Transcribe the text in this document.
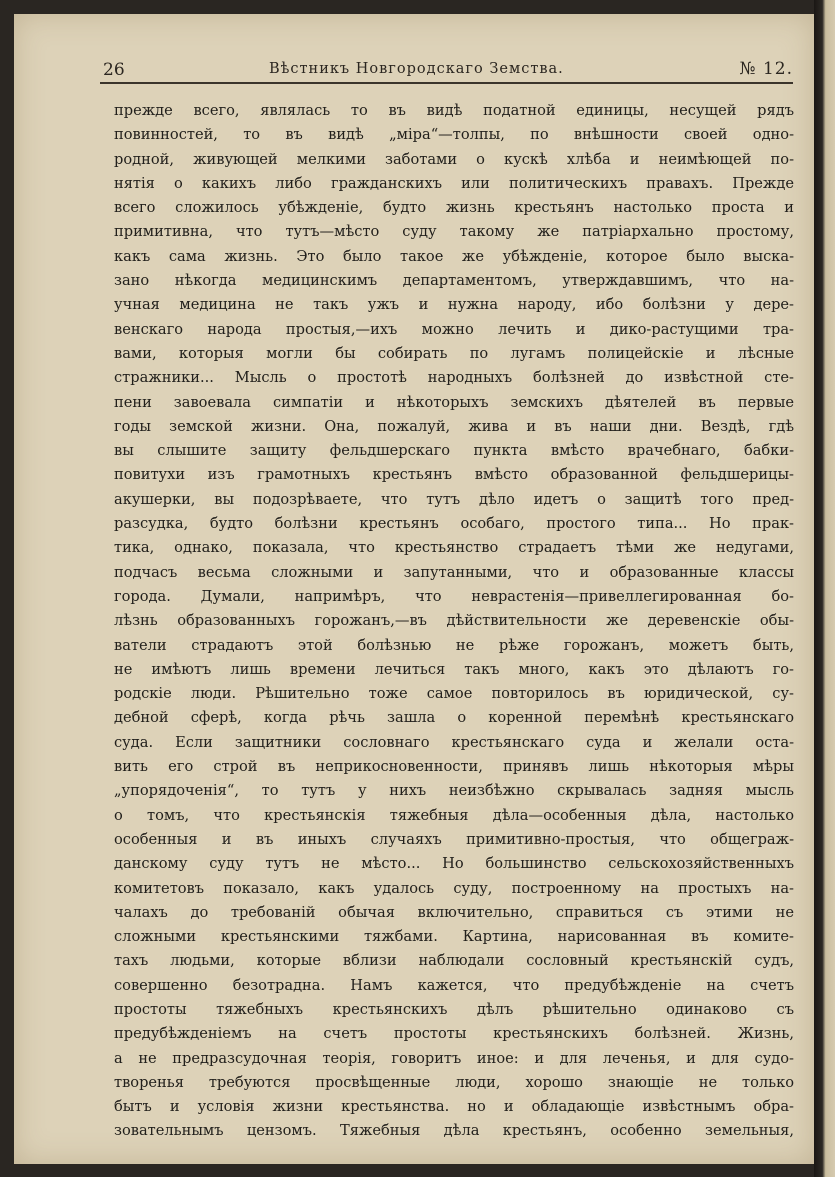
26	Вѣстникъ Новгородскаго Земства.	№ 12.
прежде всего, являлась то въ видѣ податной единицы, несущей рядъ
повинностей, то въ видѣ „міра“—толпы, по внѣшности своей одно-
родной, живующей мелкими заботами о кускѣ хлѣба и неимѣющей по-
нятія о какихъ либо гражданскихъ или политическихъ правахъ. Прежде
всего сложилось убѣжденіе, будто жизнь крестьянъ настолько проста и
примитивна, что тутъ—мѣсто суду такому же патріархально простому,
какъ сама жизнь. Это было такое же убѣжденіе, которое было выска-
зано нѣкогда медицинскимъ департаментомъ, утверждавшимъ, что на-
учная медицина не такъ ужъ и нужна народу, ибо болѣзни у дере-
венскаго народа простыя,—ихъ можно лечить и дико-растущими тра-
вами, которыя могли бы собирать по лугамъ полицейскіе и лѣсные
стражники... Мысль о простотѣ народныхъ болѣзней до извѣстной сте-
пени завоевала симпатіи и нѣкоторыхъ земскихъ дѣятелей въ первые
годы земской жизни. Она, пожалуй, жива и въ наши дни. Вездѣ, гдѣ
вы слышите защиту фельдшерскаго пункта вмѣсто врачебнаго, бабки-
повитухи изъ грамотныхъ крестьянъ вмѣсто образованной фельдшерицы-
акушерки, вы подозрѣваете, что тутъ дѣло идетъ о защитѣ того пред-
разсудка, будто болѣзни крестьянъ особаго, простого типа... Но прак-
тика, однако, показала, что крестьянство страдаетъ тѣми же недугами,
подчасъ весьма сложными и запутанными, что и образованные классы
города. Думали, напримѣръ, что неврастенія—привеллегированная бо-
лѣзнь образованныхъ горожанъ,—въ дѣйствительности же деревенскіе обы-
ватели страдаютъ этой болѣзнью не рѣже горожанъ, можетъ быть,
не имѣютъ лишь времени лечиться такъ много, какъ это дѣлаютъ го-
родскіе люди. Рѣшительно тоже самое повторилось въ юридической, су-
дебной сферѣ, когда рѣчь зашла о коренной перемѣнѣ крестьянскаго
суда. Если защитники сословнаго крестьянскаго суда и желали оста-
вить его строй въ неприкосновенности, принявъ лишь нѣкоторыя мѣры
„упорядоченія“, то тутъ у нихъ неизбѣжно скрывалась задняя мысль
о томъ, что крестьянскія тяжебныя дѣла—особенныя дѣла, настолько
особенныя и въ иныхъ случаяхъ примитивно-простыя, что общеграж-
данскому суду тутъ не мѣсто... Но большинство сельскохозяйственныхъ
комитетовъ показало, какъ удалось суду, построенному на простыхъ на-
чалахъ до требованій обычая включительно, справиться съ этими не
сложными крестьянскими тяжбами. Картина, нарисованная въ комите-
тахъ людьми, которые вблизи наблюдали сословный крестьянскій судъ,
совершенно безотрадна. Намъ кажется, что предубѣжденіе на счетъ
простоты тяжебныхъ крестьянскихъ дѣлъ рѣшительно одинаково съ
предубѣжденіемъ на счетъ простоты крестьянскихъ болѣзней. Жизнь,
а не предразсудочная теорія, говоритъ иное: и для леченья, и для судо-
творенья требуются просвѣщенные люди, хорошо знающіе не только
бытъ и условія жизни крестьянства. но и обладающіе извѣстнымъ обра-
зовательнымъ цензомъ. Тяжебныя дѣла крестьянъ, особенно земельныя,
